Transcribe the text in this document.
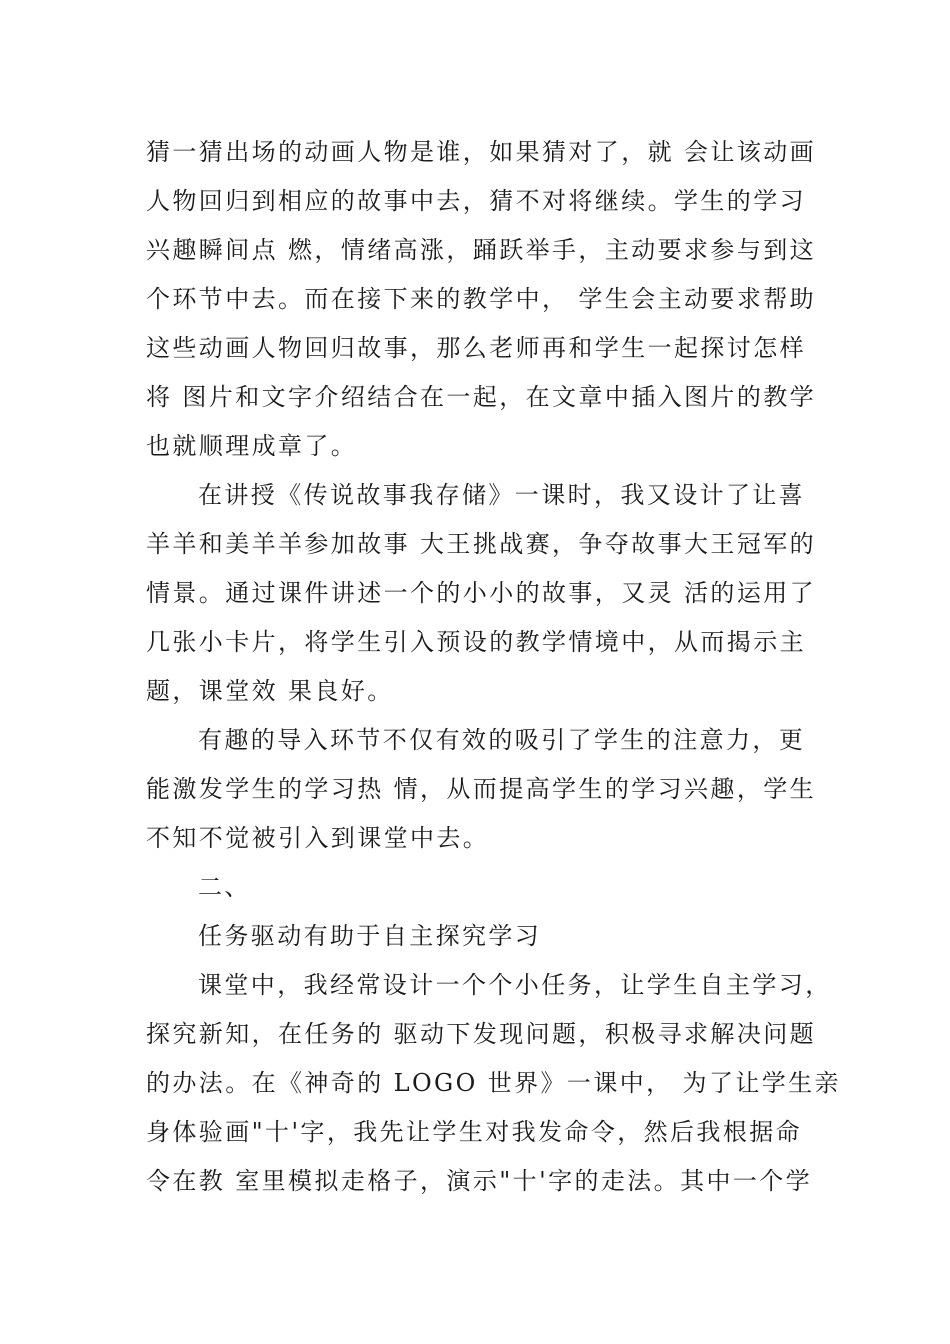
猜一猜出场的动画人物是谁，如果猜对了，就 会让该动画
人物回归到相应的故事中去，猜不对将继续。学生的学习
兴趣瞬间点 燃，情绪高涨，踊跃举手，主动要求参与到这
个环节中去。而在接下来的教学中， 学生会主动要求帮助
这些动画人物回归故事，那么老师再和学生一起探讨怎样
将 图片和文字介绍结合在一起，在文章中插入图片的教学
也就顺理成章了。
在讲授《传说故事我存储》一课时，我又设计了让喜
羊羊和美羊羊参加故事 大王挑战赛，争夺故事大王冠军的
情景。通过课件讲述一个的小小的故事，又灵 活的运用了
几张小卡片，将学生引入预设的教学情境中，从而揭示主
题，课堂效 果良好。
有趣的导入环节不仅有效的吸引了学生的注意力，更
能激发学生的学习热 情，从而提高学生的学习兴趣，学生
不知不觉被引入到课堂中去。
二、
任务驱动有助于自主探究学习
课堂中，我经常设计一个个小任务，让学生自主学习，
探究新知，在任务的 驱动下发现问题，积极寻求解决问题
的办法。在《神奇的 LOGO 世界》一课中， 为了让学生亲
身体验画"十'字，我先让学生对我发命令，然后我根据命
令在教 室里模拟走格子，演示"十'字的走法。其中一个学
